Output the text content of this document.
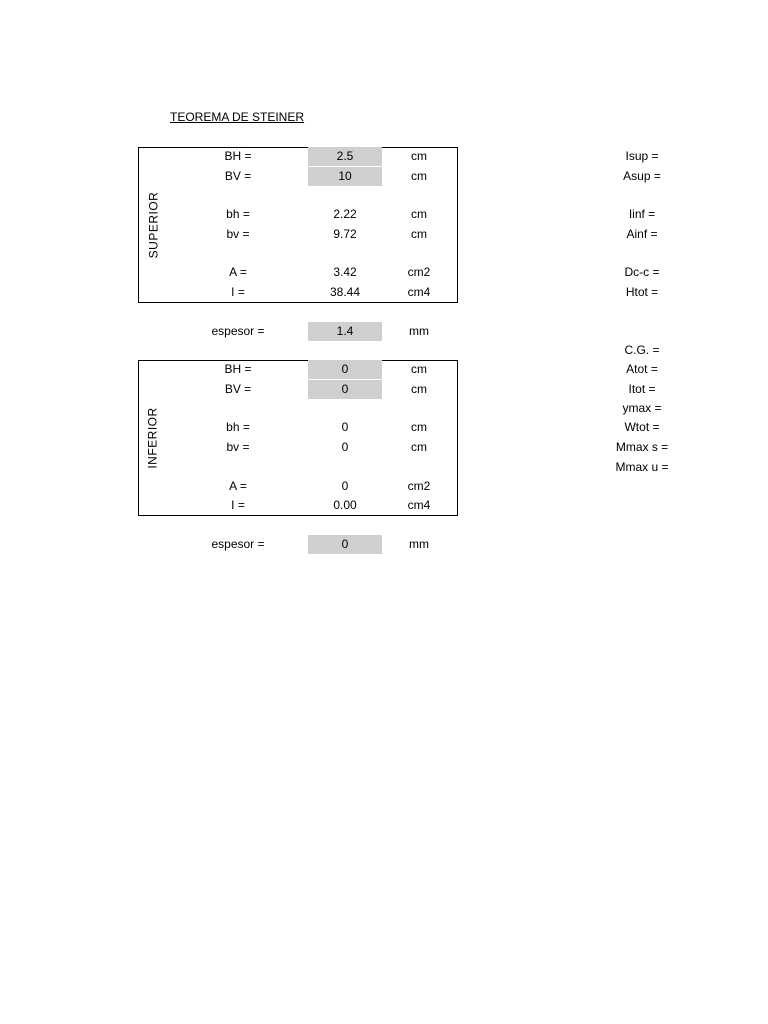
TEOREMA DE STEINER
SUPERIOR
BH =	2.5	cm
BV =	10	cm
bh =	2.22	cm
bv =	9.72	cm
A =	3.42	cm2
I =	38.44	cm4
espesor =	1.4	mm
INFERIOR
BH =	0	cm
BV =	0	cm
bh =	0	cm
bv =	0	cm
A =	0	cm2
I =	0.00	cm4
espesor =	0	mm
Isup =
Asup =
Iinf =
Ainf =
Dc-c =
Htot =
C.G. =
Atot =
Itot =
ymax =
Wtot =
Mmax s =
Mmax u =
